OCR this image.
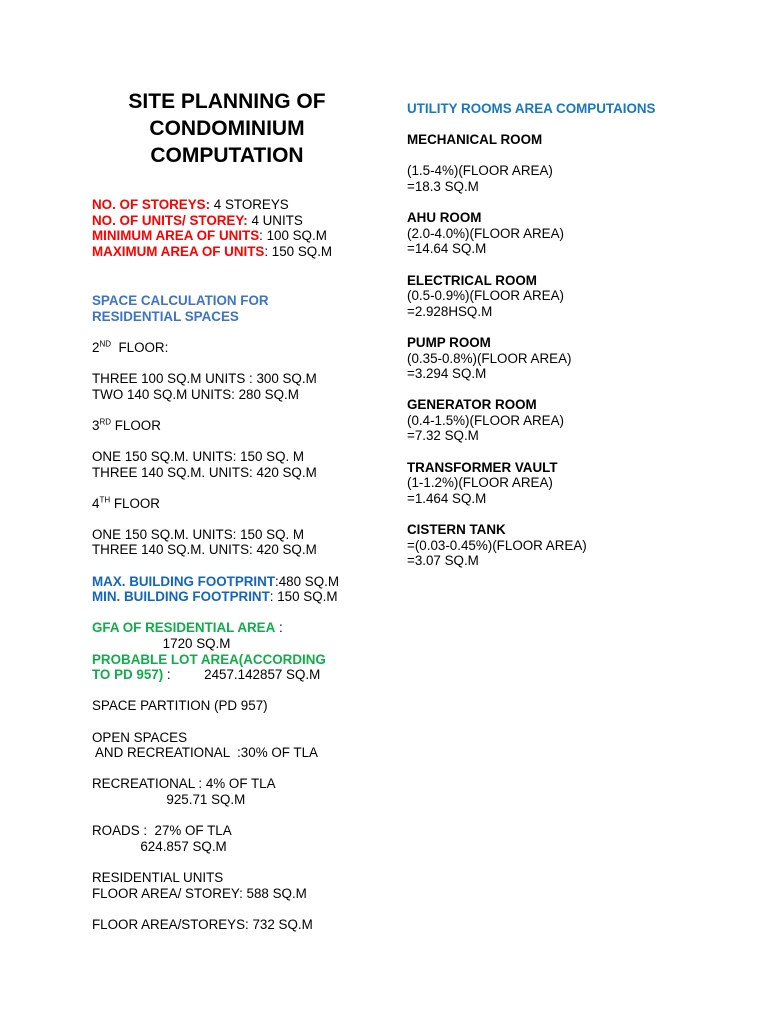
SITE PLANNING OF
CONDOMINIUM
COMPUTATION
NO. OF STOREYS: 4 STOREYS
NO. OF UNITS/ STOREY: 4 UNITS
MINIMUM AREA OF UNITS: 100 SQ.M
MAXIMUM AREA OF UNITS: 150 SQ.M
SPACE CALCULATION FOR
RESIDENTIAL SPACES
2ND  FLOOR:
THREE 100 SQ.M UNITS : 300 SQ.M
TWO 140 SQ.M UNITS: 280 SQ.M
3RD FLOOR
ONE 150 SQ.M. UNITS: 150 SQ. M
THREE 140 SQ.M. UNITS: 420 SQ.M
4TH FLOOR
ONE 150 SQ.M. UNITS: 150 SQ. M
THREE 140 SQ.M. UNITS: 420 SQ.M
MAX. BUILDING FOOTPRINT:480 SQ.M
MIN. BUILDING FOOTPRINT: 150 SQ.M
GFA OF RESIDENTIAL AREA :
1720 SQ.M
PROBABLE LOT AREA(ACCORDING
TO PD 957) :         2457.142857 SQ.M
SPACE PARTITION (PD 957)
OPEN SPACES
AND RECREATIONAL  :30% OF TLA
RECREATIONAL : 4% OF TLA
925.71 SQ.M
ROADS :  27% OF TLA
624.857 SQ.M
RESIDENTIAL UNITS
FLOOR AREA/ STOREY: 588 SQ.M
FLOOR AREA/STOREYS: 732 SQ.M
UTILITY ROOMS AREA COMPUTAIONS
MECHANICAL ROOM
(1.5-4%)(FLOOR AREA)
=18.3 SQ.M
AHU ROOM
(2.0-4.0%)(FLOOR AREA)
=14.64 SQ.M
ELECTRICAL ROOM
(0.5-0.9%)(FLOOR AREA)
=2.928HSQ.M
PUMP ROOM
(0.35-0.8%)(FLOOR AREA)
=3.294 SQ.M
GENERATOR ROOM
(0.4-1.5%)(FLOOR AREA)
=7.32 SQ.M
TRANSFORMER VAULT
(1-1.2%)(FLOOR AREA)
=1.464 SQ.M
CISTERN TANK
=(0.03-0.45%)(FLOOR AREA)
=3.07 SQ.M
